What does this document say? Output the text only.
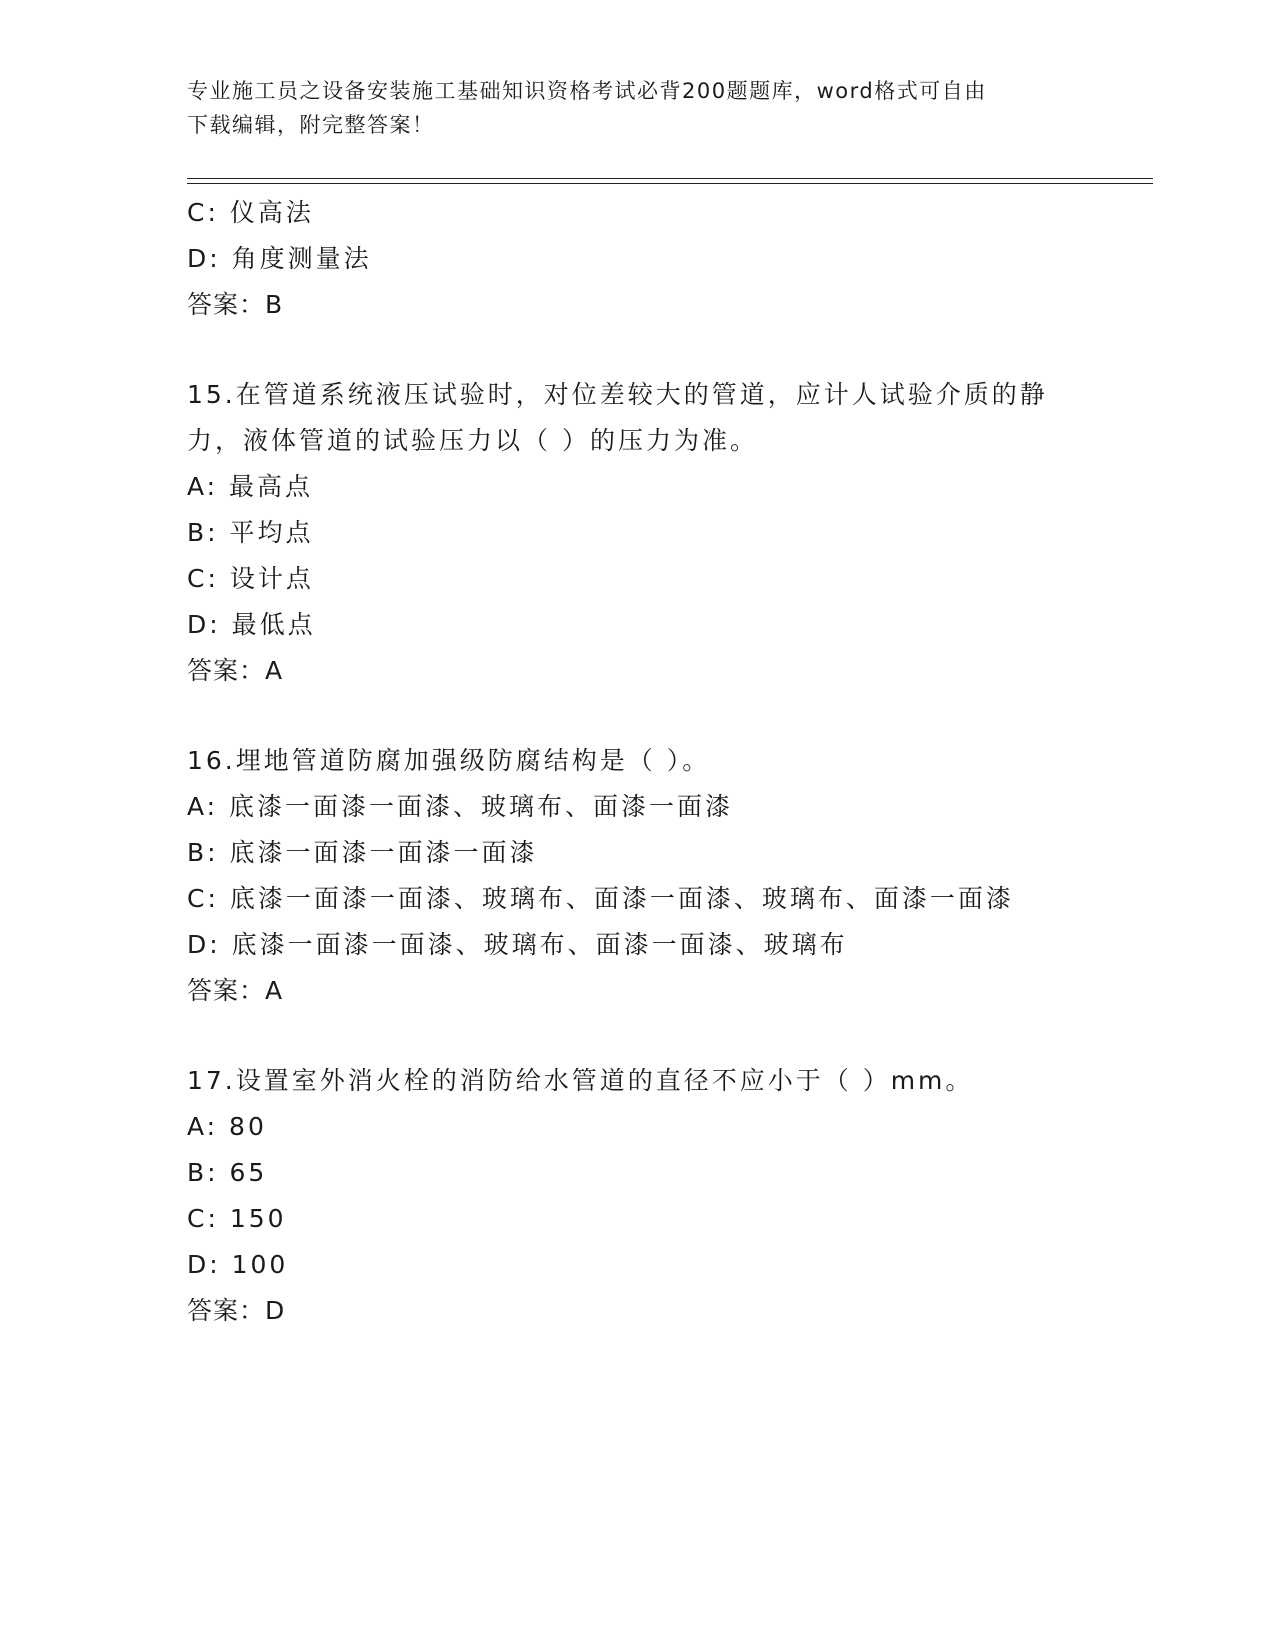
专业施工员之设备安装施工基础知识资格考试必背200题题库，word格式可自由
下载编辑，附完整答案！
C: 仪高法
D: 角度测量法
答案：B
15.在管道系统液压试验时，对位差较大的管道，应计人试验介质的静
力，液体管道的试验压力以（ ）的压力为准。
A: 最高点
B: 平均点
C: 设计点
D: 最低点
答案：A
16.埋地管道防腐加强级防腐结构是（ ）。
A: 底漆一面漆一面漆、玻璃布、面漆一面漆
B: 底漆一面漆一面漆一面漆
C: 底漆一面漆一面漆、玻璃布、面漆一面漆、玻璃布、面漆一面漆
D: 底漆一面漆一面漆、玻璃布、面漆一面漆、玻璃布
答案：A
17.设置室外消火栓的消防给水管道的直径不应小于（ ）mm。
A: 80
B: 65
C: 150
D: 100
答案：D
